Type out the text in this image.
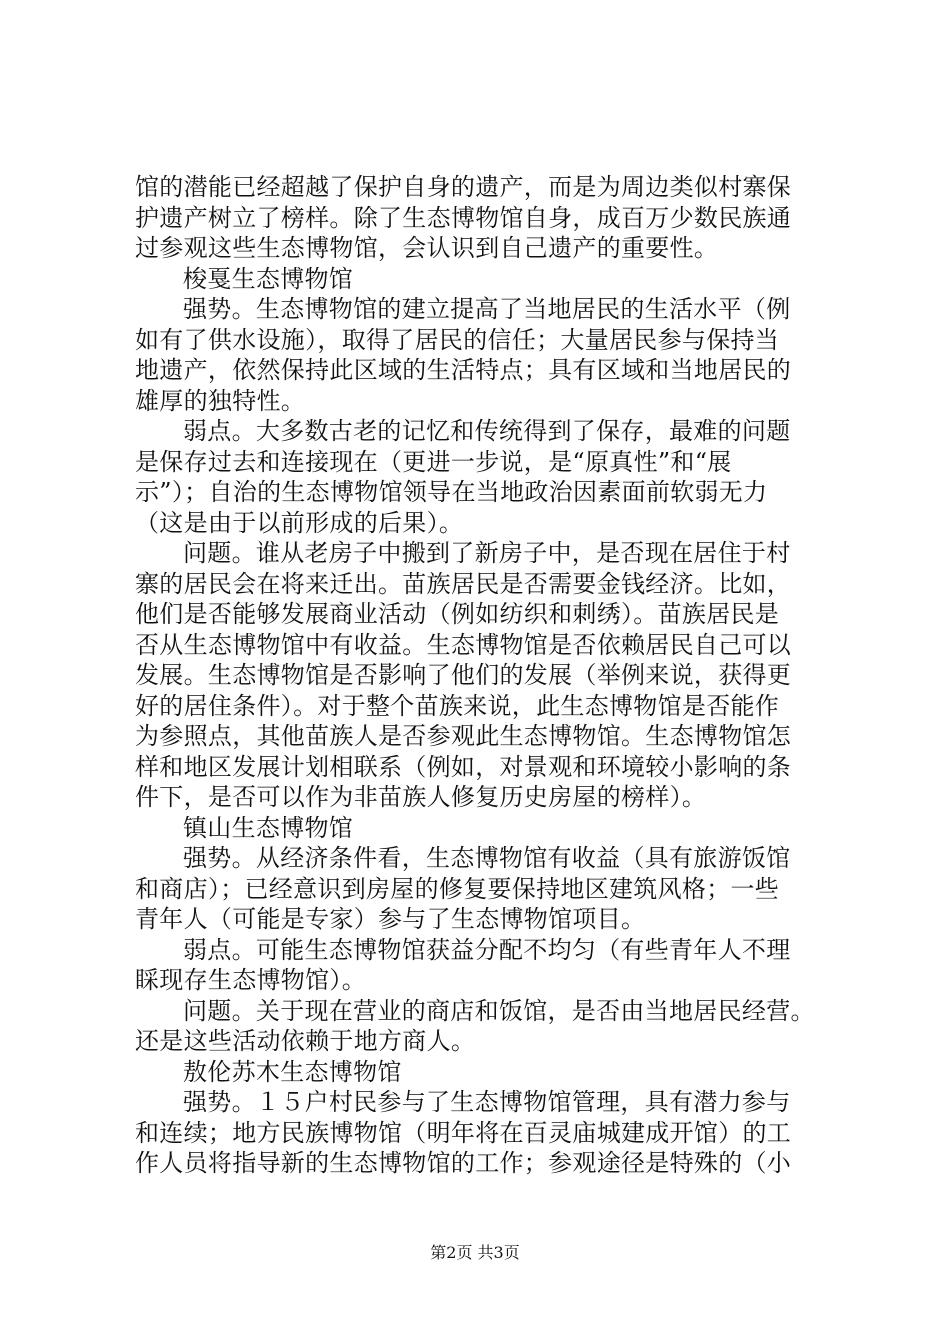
馆的潜能已经超越了保护自身的遗产，而是为周边类似村寨保
护遗产树立了榜样。除了生态博物馆自身，成百万少数民族通
过参观这些生态博物馆，会认识到自己遗产的重要性。
梭戛生态博物馆
强势。生态博物馆的建立提高了当地居民的生活水平（例
如有了供水设施），取得了居民的信任；大量居民参与保持当
地遗产，依然保持此区域的生活特点；具有区域和当地居民的
雄厚的独特性。
弱点。大多数古老的记忆和传统得到了保存，最难的问题
是保存过去和连接现在（更进一步说，是“原真性”和“展
示”）；自治的生态博物馆领导在当地政治因素面前软弱无力
（这是由于以前形成的后果）。
问题。谁从老房子中搬到了新房子中，是否现在居住于村
寨的居民会在将来迁出。苗族居民是否需要金钱经济。比如，
他们是否能够发展商业活动（例如纺织和刺绣）。苗族居民是
否从生态博物馆中有收益。生态博物馆是否依赖居民自己可以
发展。生态博物馆是否影响了他们的发展（举例来说，获得更
好的居住条件）。对于整个苗族来说，此生态博物馆是否能作
为参照点，其他苗族人是否参观此生态博物馆。生态博物馆怎
样和地区发展计划相联系（例如，对景观和环境较小影响的条
件下，是否可以作为非苗族人修复历史房屋的榜样）。
镇山生态博物馆
强势。从经济条件看，生态博物馆有收益（具有旅游饭馆
和商店）；已经意识到房屋的修复要保持地区建筑风格；一些
青年人（可能是专家）参与了生态博物馆项目。
弱点。可能生态博物馆获益分配不均匀（有些青年人不理
睬现存生态博物馆）。
问题。关于现在营业的商店和饭馆，是否由当地居民经营。
还是这些活动依赖于地方商人。
敖伦苏木生态博物馆
强势。１５户村民参与了生态博物馆管理，具有潜力参与
和连续；地方民族博物馆（明年将在百灵庙城建成开馆）的工
作人员将指导新的生态博物馆的工作；参观途径是特殊的（小
第2页 共3页
